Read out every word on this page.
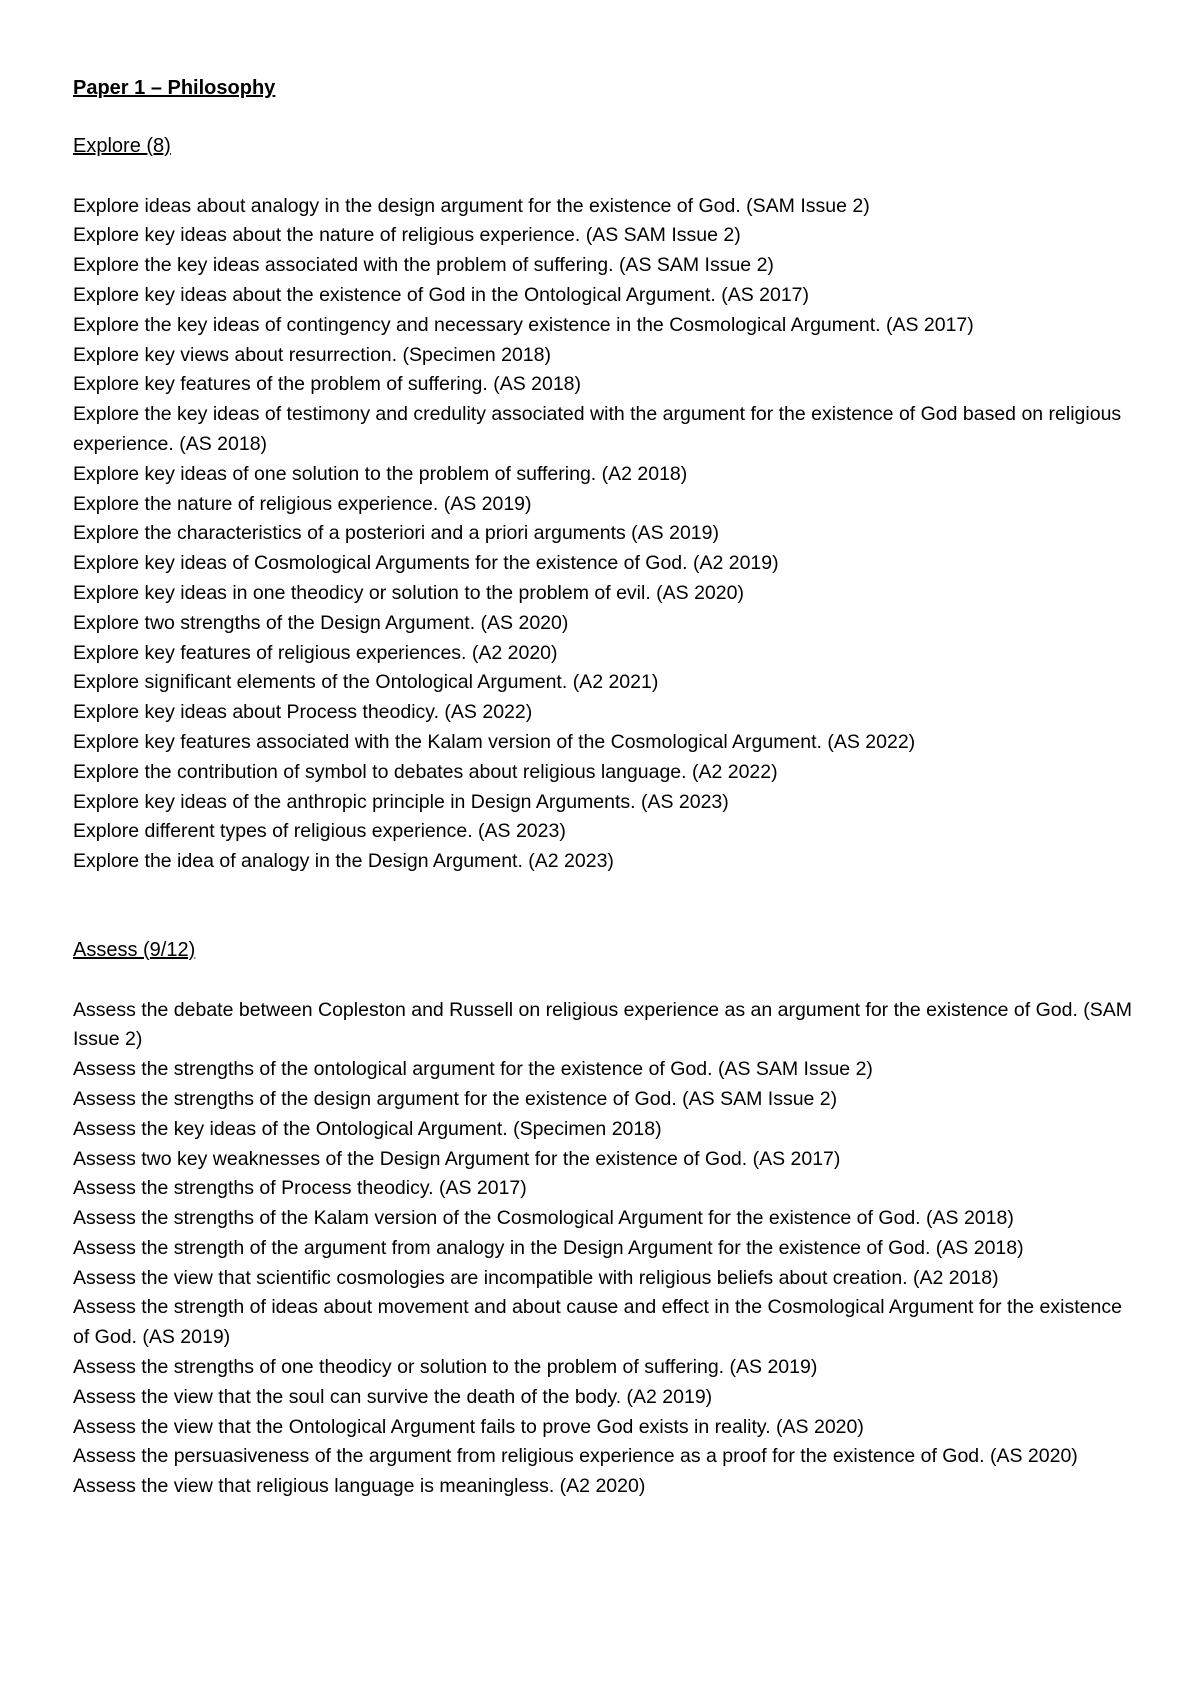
Paper 1 – Philosophy
Explore (8)
Explore ideas about analogy in the design argument for the existence of God. (SAM Issue 2)
Explore key ideas about the nature of religious experience. (AS SAM Issue 2)
Explore the key ideas associated with the problem of suffering. (AS SAM Issue 2)
Explore key ideas about the existence of God in the Ontological Argument. (AS 2017)
Explore the key ideas of contingency and necessary existence in the Cosmological Argument. (AS 2017)
Explore key views about resurrection. (Specimen 2018)
Explore key features of the problem of suffering. (AS 2018)
Explore the key ideas of testimony and credulity associated with the argument for the existence of God based on religious experience. (AS 2018)
Explore key ideas of one solution to the problem of suffering. (A2 2018)
Explore the nature of religious experience. (AS 2019)
Explore the characteristics of a posteriori and a priori arguments (AS 2019)
Explore key ideas of Cosmological Arguments for the existence of God. (A2 2019)
Explore key ideas in one theodicy or solution to the problem of evil. (AS 2020)
Explore two strengths of the Design Argument. (AS 2020)
Explore key features of religious experiences. (A2 2020)
Explore significant elements of the Ontological Argument. (A2 2021)
Explore key ideas about Process theodicy. (AS 2022)
Explore key features associated with the Kalam version of the Cosmological Argument. (AS 2022)
Explore the contribution of symbol to debates about religious language. (A2 2022)
Explore key ideas of the anthropic principle in Design Arguments. (AS 2023)
Explore different types of religious experience. (AS 2023)
Explore the idea of analogy in the Design Argument. (A2 2023)
Assess (9/12)
Assess the debate between Copleston and Russell on religious experience as an argument for the existence of God. (SAM Issue 2)
Assess the strengths of the ontological argument for the existence of God. (AS SAM Issue 2)
Assess the strengths of the design argument for the existence of God. (AS SAM Issue 2)
Assess the key ideas of the Ontological Argument. (Specimen 2018)
Assess two key weaknesses of the Design Argument for the existence of God. (AS 2017)
Assess the strengths of Process theodicy. (AS 2017)
Assess the strengths of the Kalam version of the Cosmological Argument for the existence of God. (AS 2018)
Assess the strength of the argument from analogy in the Design Argument for the existence of God. (AS 2018)
Assess the view that scientific cosmologies are incompatible with religious beliefs about creation. (A2 2018)
Assess the strength of ideas about movement and about cause and effect in the Cosmological Argument for the existence of God. (AS 2019)
Assess the strengths of one theodicy or solution to the problem of suffering. (AS 2019)
Assess the view that the soul can survive the death of the body. (A2 2019)
Assess the view that the Ontological Argument fails to prove God exists in reality. (AS 2020)
Assess the persuasiveness of the argument from religious experience as a proof for the existence of God. (AS 2020)
Assess the view that religious language is meaningless. (A2 2020)
